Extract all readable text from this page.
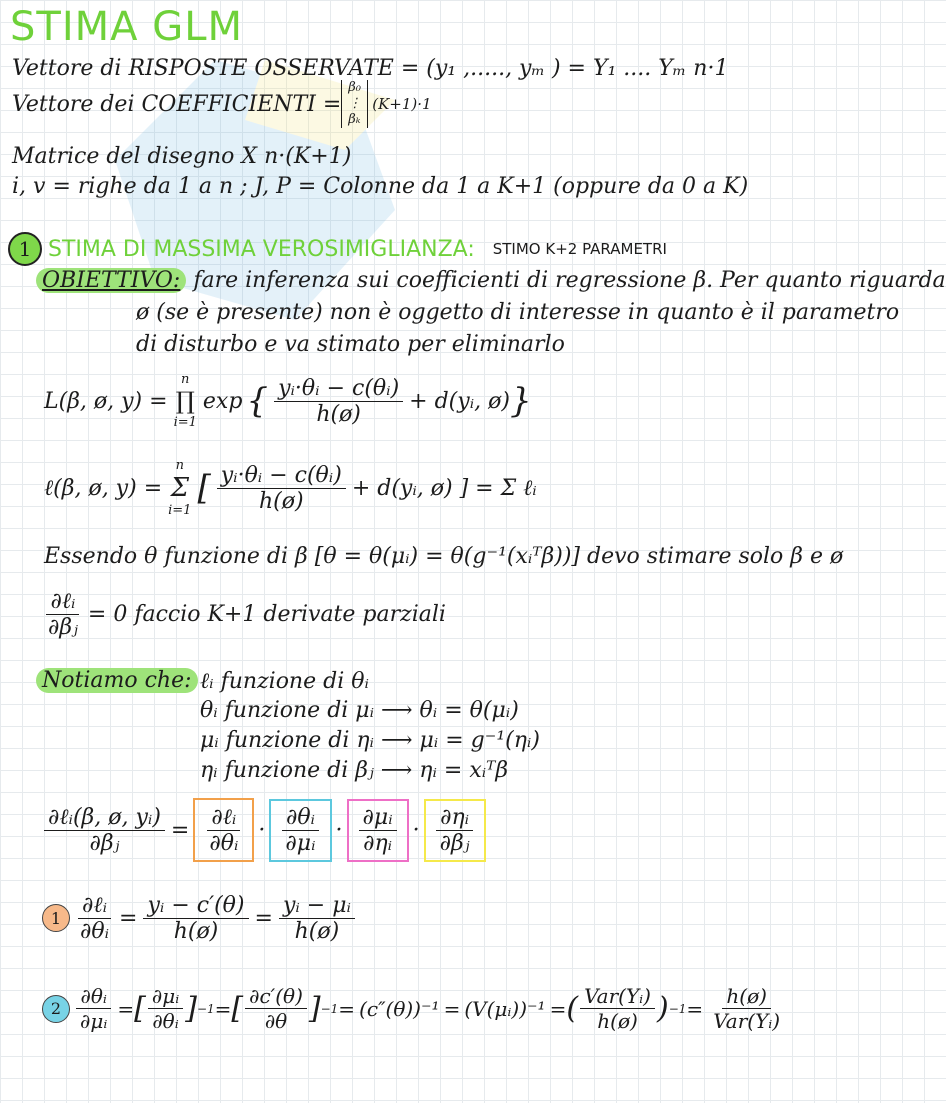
STIMA GLM
Vettore di RISPOSTE OSSERVATE = (y₁ ,....., yₘ ) = Y₁ .... Yₘ n·1
Vettore dei COEFFICIENTI =
β₀
⋮
βₖ
(K+1)·1
Matrice del disegno X n·(K+1)
i, v = righe da 1 a n ; J, P = Colonne da 1 a K+1 (oppure da 0 a K)
1 STIMA DI MASSIMA VEROSIMIGLIANZA: STIMO K+2 PARAMETRI
OBIETTIVO: fare inferenza sui coefficienti di regressione β. Per quanto riguarda
ø (se è presente) non è oggetto di interesse in quanto è il parametro
di disturbo e va stimato per eliminarlo
L(β, ø, y) =
n
∏
i=1
exp { $\frac{\text{yᵢ·θᵢ − c(θᵢ)}}{h(ø)}$ + d(yᵢ, ø) }
ℓ(β, ø, y) =
n
Σ
i=1
[ $\frac{\text{yᵢ·θᵢ − c(θᵢ)}}{h(ø)}$ + d(yᵢ, ø) ] = Σ ℓᵢ
Essendo θ funzione di β [θ = θ(μᵢ) = θ(g⁻¹(xᵢᵀβ))] devo stimare solo β e ø
$\frac{\text{∂ℓᵢ}}{\text{∂βⱼ}} = 0$ faccio K+1 derivate parziali
Notiamo che: ℓᵢ funzione di θᵢ
θᵢ funzione di μᵢ ⟶ θᵢ = θ(μᵢ)
μᵢ funzione di ηᵢ ⟶ μᵢ = g⁻¹(ηᵢ)
ηᵢ funzione di βⱼ ⟶ ηᵢ = xᵢᵀβ
$\frac{\text{∂ℓᵢ(β, ø, yᵢ)}}{\text{∂βⱼ}} = \frac{\text{∂ℓᵢ}}{\text{∂θᵢ}} \cdot \frac{\text{∂θᵢ}}{\text{∂μᵢ}} \cdot \frac{\text{∂μᵢ}}{\text{∂ηᵢ}} \cdot \frac{\text{∂ηᵢ}}{\text{∂βⱼ}}$
$1 \frac{\text{∂ℓᵢ}}{\text{∂θᵢ}} = \frac{\text{yᵢ − c′(θ)}}{h(ø)} = \frac{\text{yᵢ − μᵢ}}{h(ø)}$
$2 \frac{\text{∂θᵢ}}{\text{∂μᵢ}}$ = [ $\frac{\text{∂μᵢ}}{\text{∂θᵢ}}$ ] −1 = [ $\frac{\partial c'(\theta)}{\partial\theta}$ ] −1 = (c″(θ))⁻¹ = (V(μᵢ))⁻¹ = ( $\frac{\text{Var(Yᵢ)}}{h(ø)}$ ) $-1 = \frac{h(ø)}{\text{Var(Yᵢ)}}$
